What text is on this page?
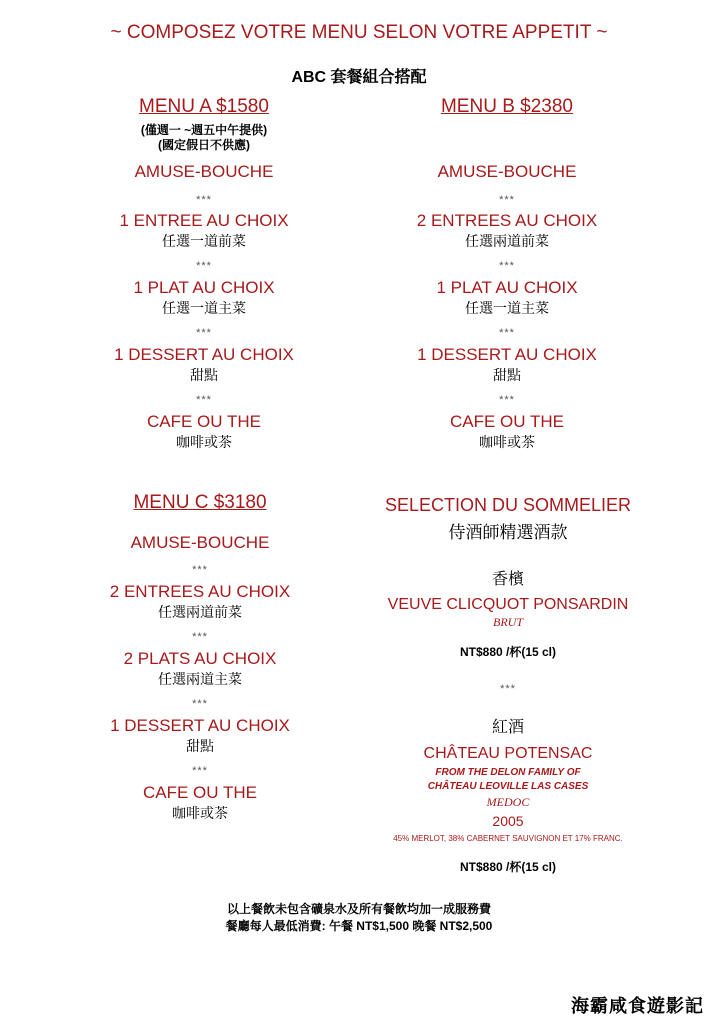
~ COMPOSEZ VOTRE MENU SELON VOTRE APPETIT ~
ABC 套餐組合搭配
MENU A $1580
(僅週一 ~週五中午提供)
(國定假日不供應)
AMUSE-BOUCHE
***
1 ENTREE AU CHOIX
任選一道前菜
***
1 PLAT AU CHOIX
任選一道主菜
***
1 DESSERT AU CHOIX
甜點
***
CAFE OU THE
咖啡或茶
MENU B $2380
AMUSE-BOUCHE
***
2 ENTREES AU CHOIX
任選兩道前菜
***
1 PLAT AU CHOIX
任選一道主菜
***
1 DESSERT AU CHOIX
甜點
***
CAFE OU THE
咖啡或茶
MENU C $3180
AMUSE-BOUCHE
***
2 ENTREES AU CHOIX
任選兩道前菜
***
2 PLATS AU CHOIX
任選兩道主菜
***
1 DESSERT AU CHOIX
甜點
***
CAFE OU THE
咖啡或茶
SELECTION DU SOMMELIER
侍酒師精選酒款
香檳
VEUVE CLICQUOT PONSARDIN
BRUT
NT$880 /杯(15 cl)
***
紅酒
CHÂTEAU POTENSAC
FROM THE DELON FAMILY OF
CHÂTEAU LEOVILLE LAS CASES
MEDOC
2005
45% MERLOT, 38% CABERNET SAUVIGNON ET 17% FRANC.
NT$880 /杯(15 cl)
以上餐飲未包含礦泉水及所有餐飲均加一成服務費
餐廳每人最低消費: 午餐 NT$1,500 晚餐 NT$2,500
海霸咸食遊影記
